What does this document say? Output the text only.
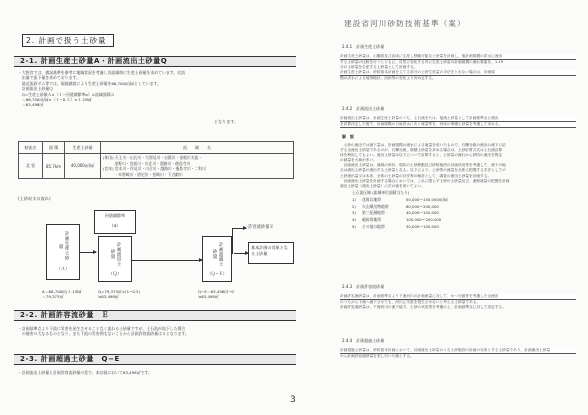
2. 計画で扱う土砂量
2-1. 計画生産土砂量A・計画流出土砂量Q
・大野宮では、旗詞基準を参考に地域状況を考慮し各流域毎に生産土砂量を求めています。比流
　出量で流下量を求めております。
　最近流砂ダム等では、現地調査により生産土砂量を66,700㎥/㎢としています。
　計画流出土砂量Ｑ
　Q=生産土砂量Ａ×（１−河道調節率α）×流域面積ａ
　＝66,700㎥/㎢×（１−0.２）×１.19㎢
　＝63,498㎥
となります。
粘流名	面 積	生産土砂量	流　　域　　名
北 状	85.7km	40,000㎥/㎢	(休田) 天王川・山辺川・大那見川・自獄川・金根川支流・
　　　金野川・宮前川・川北川・越路川・後島寺川
(宮木) 宮木川・作見川・川合川・越路川・後島寺川・二科川
　　　・木曽崎川・捨尼川・室崎川・下吉鍛川
(土砂収支の流れ)
計画生産土砂量
（Ａ）
河道調節率
（α）
計画流出土砂量
（Ｑ）
計画超過土砂量
（Ｑ−Ｅ）
許容流砂量Ｅ
基本計画の対象となる土砂量
A＝66,700㎥/１.19㎢
＝79,373㎥
Q=79,373㎥×(1−0.2)
≒63,498㎥
Q−E＝63,498㎥−0
≒63,498㎥
2-2. 計画許容流砂量　Ｅ
・計画基準点より下流に災害を発生させることなく流れる土砂量ですが、土石流が流下した場合
　の被害の大なるものとなり、また下流の災害例もないことから計画許容流砂量は０となります。
2-3. 計画超過土砂量　Q−E
・計画流出土砂量と計画許容流砂量の差で、本計画において63,498㎥です。
3
建設省河川砂防技術基準（案）
2.4.1　計画生産土砂量
計画生産土砂量は、山腹面及び渓床に生産し移動可能な土砂量を計画し、他計画規模の洪水に流出
する土砂量の比較を行うとともに、自然に変化する内に生産土砂量の計画規模の流れ要素を、1.19
分の土砂量を生産する土砂量として計画する。
計画生産土砂量は、砂防基本計画を立てる部分の土砂生産量の手法をとれない場合は、計画規
模の洪水による地形地状、河床等の変化より決め定する。
2.4.2　計画流出土砂量
計画流出土砂量は、計画生産土砂量のうち、土石流または、掃流土砂量として計画基準点に流出
を試算決定した後で、計画規模の日雨洪水に次ぐ流量等を、河床の堆積土砂量を考慮して求める。
解　説
　土砂の流出では流下量は、計画規模の流水による流量を用いたもので、石礫分級の流出の流下に応
ずる全流出土砂量であるのが、石礫分級、堆積土砂量を求める場合は、土砂計算方式は土石流計算
体を利用してもよい。流出土砂量は以下について計算すると、土砂量の流れから砂防の流出を算定
の減量を大域が多い。
　計画流出土砂量は、流域の形状、現状の土砂移動及び砂防施設の計画状況等を考慮して、流下の地
点は流出土砂量の流出する土砂量となる。以下により、土砂等の流量を全体に把握する手法としての
土砂流出量又は本来、全体の土砂量の目安等の検討として、調査の流出土砂量を計画する。
　計画流出土砂量を計画する場合においては、これに限らず土砂の土砂量及び、流路流量の把握を計画
流出土砂量（流出土砂量）に次の値を用いてよい。
土石流区域 (流域単位面積当たり)
1)	花崗岩地帯	50,000〜150,000㎥/㎢
2)	火山噴出物地帯	80,000〜200,000
3)	第三紀層地帯	40,000〜100,000
4)	破砕帯地帯	100,000〜200,000
5)	その他の地帯	30,000〜100,000
2.4.3　計画許容流砂量
計画許容流砂量は、計画基準点より下流河川の計画流量に対して、かつ分級等を考慮した全流出
のうちから下流へ流下させても、河川に災害を発生させないと考える土砂量である。
計画許容流砂量は、下流河川の流下能力、土砂の状況等を考慮の上、計画基準点に対して決定する。
2.4.4　計画超過土砂量
計画超過土砂量は、砂防基本計画において、計画流出土砂量のうち土砂施設の計画の対象とする土砂量であり、計画流出土砂量
から計画許容流砂量を差し引いた値とする。
